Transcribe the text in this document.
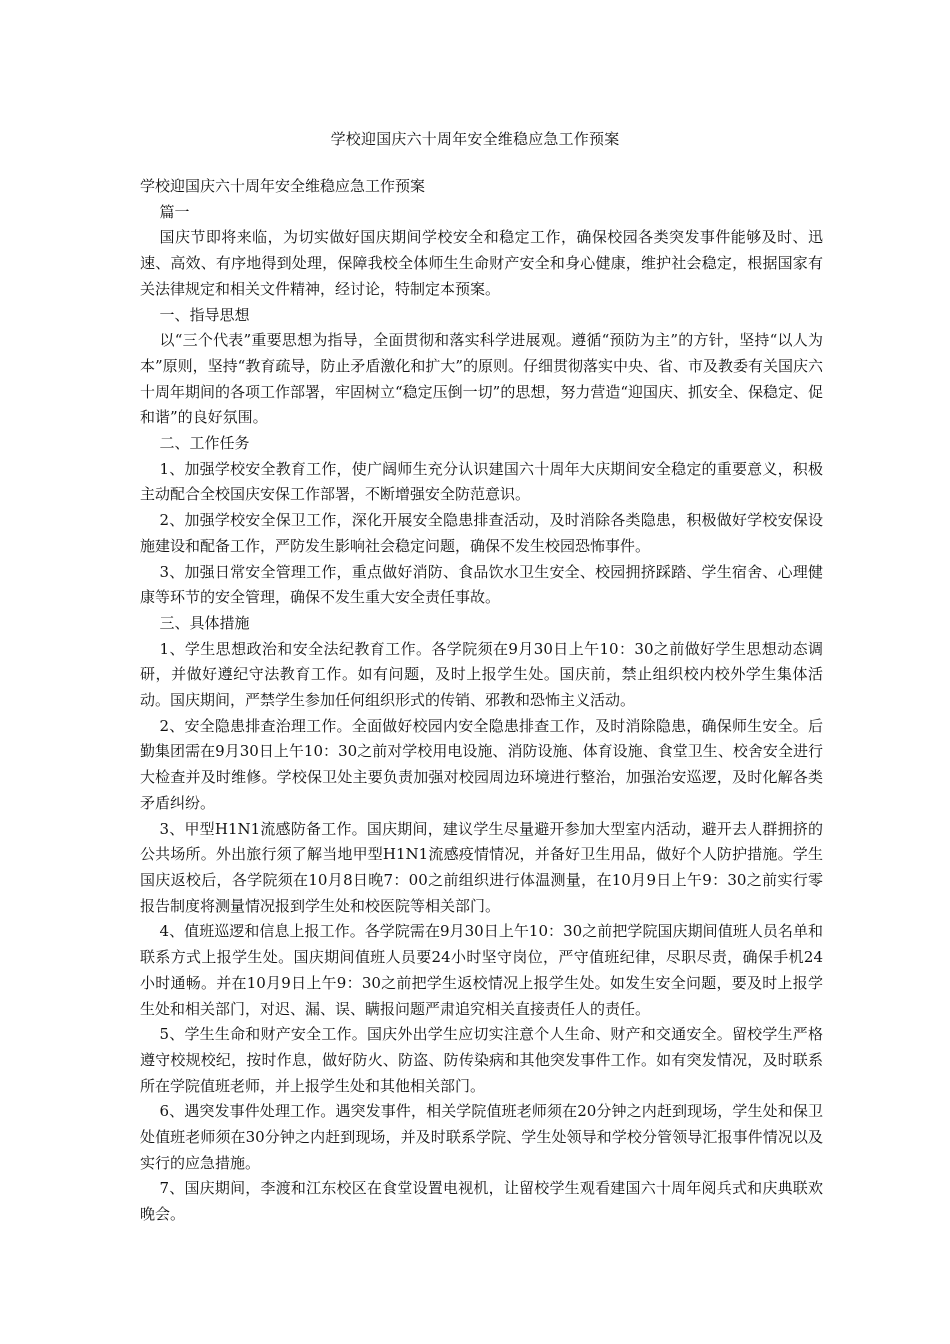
学校迎国庆六十周年安全维稳应急工作预案

学校迎国庆六十周年安全维稳应急工作预案

篇一

国庆节即将来临，为切实做好国庆期间学校安全和稳定工作，确保校园各类突发事件能够及时、迅速、高效、有序地得到处理，保障我校全体师生生命财产安全和身心健康，维护社会稳定，根据国家有关法律规定和相关文件精神，经讨论，特制定本预案。

一、指导思想

以“三个代表”重要思想为指导，全面贯彻和落实科学进展观。遵循“预防为主”的方针，坚持“以人为本”原则，坚持“教育疏导，防止矛盾激化和扩大”的原则。仔细贯彻落实中央、省、市及教委有关国庆六十周年期间的各项工作部署，牢固树立“稳定压倒一切”的思想，努力营造“迎国庆、抓安全、保稳定、促和谐”的良好氛围。

二、工作任务

1、加强学校安全教育工作，使广阔师生充分认识建国六十周年大庆期间安全稳定的重要意义，积极主动配合全校国庆安保工作部署，不断增强安全防范意识。

2、加强学校安全保卫工作，深化开展安全隐患排查活动，及时消除各类隐患，积极做好学校安保设施建设和配备工作，严防发生影响社会稳定问题，确保不发生校园恐怖事件。

3、加强日常安全管理工作，重点做好消防、食品饮水卫生安全、校园拥挤踩踏、学生宿舍、心理健康等环节的安全管理，确保不发生重大安全责任事故。

三、具体措施

1、学生思想政治和安全法纪教育工作。各学院须在9月30日上午10：30之前做好学生思想动态调研，并做好遵纪守法教育工作。如有问题，及时上报学生处。国庆前，禁止组织校内校外学生集体活动。国庆期间，严禁学生参加任何组织形式的传销、邪教和恐怖主义活动。

2、安全隐患排查治理工作。全面做好校园内安全隐患排查工作，及时消除隐患，确保师生安全。后勤集团需在9月30日上午10：30之前对学校用电设施、消防设施、体育设施、食堂卫生、校舍安全进行大检查并及时维修。学校保卫处主要负责加强对校园周边环境进行整治，加强治安巡逻，及时化解各类矛盾纠纷。

3、甲型H1N1流感防备工作。国庆期间，建议学生尽量避开参加大型室内活动，避开去人群拥挤的公共场所。外出旅行须了解当地甲型H1N1流感疫情情况，并备好卫生用品，做好个人防护措施。学生国庆返校后，各学院须在10月8日晚7：00之前组织进行体温测量，在10月9日上午9：30之前实行零报告制度将测量情况报到学生处和校医院等相关部门。

4、值班巡逻和信息上报工作。各学院需在9月30日上午10：30之前把学院国庆期间值班人员名单和联系方式上报学生处。国庆期间值班人员要24小时坚守岗位，严守值班纪律，尽职尽责，确保手机24小时通畅。并在10月9日上午9：30之前把学生返校情况上报学生处。如发生安全问题，要及时上报学生处和相关部门，对迟、漏、误、瞒报问题严肃追究相关直接责任人的责任。

5、学生生命和财产安全工作。国庆外出学生应切实注意个人生命、财产和交通安全。留校学生严格遵守校规校纪，按时作息，做好防火、防盗、防传染病和其他突发事件工作。如有突发情况，及时联系所在学院值班老师，并上报学生处和其他相关部门。

6、遇突发事件处理工作。遇突发事件，相关学院值班老师须在20分钟之内赶到现场，学生处和保卫处值班老师须在30分钟之内赶到现场，并及时联系学院、学生处领导和学校分管领导汇报事件情况以及实行的应急措施。

7、国庆期间，李渡和江东校区在食堂设置电视机，让留校学生观看建国六十周年阅兵式和庆典联欢晚会。
